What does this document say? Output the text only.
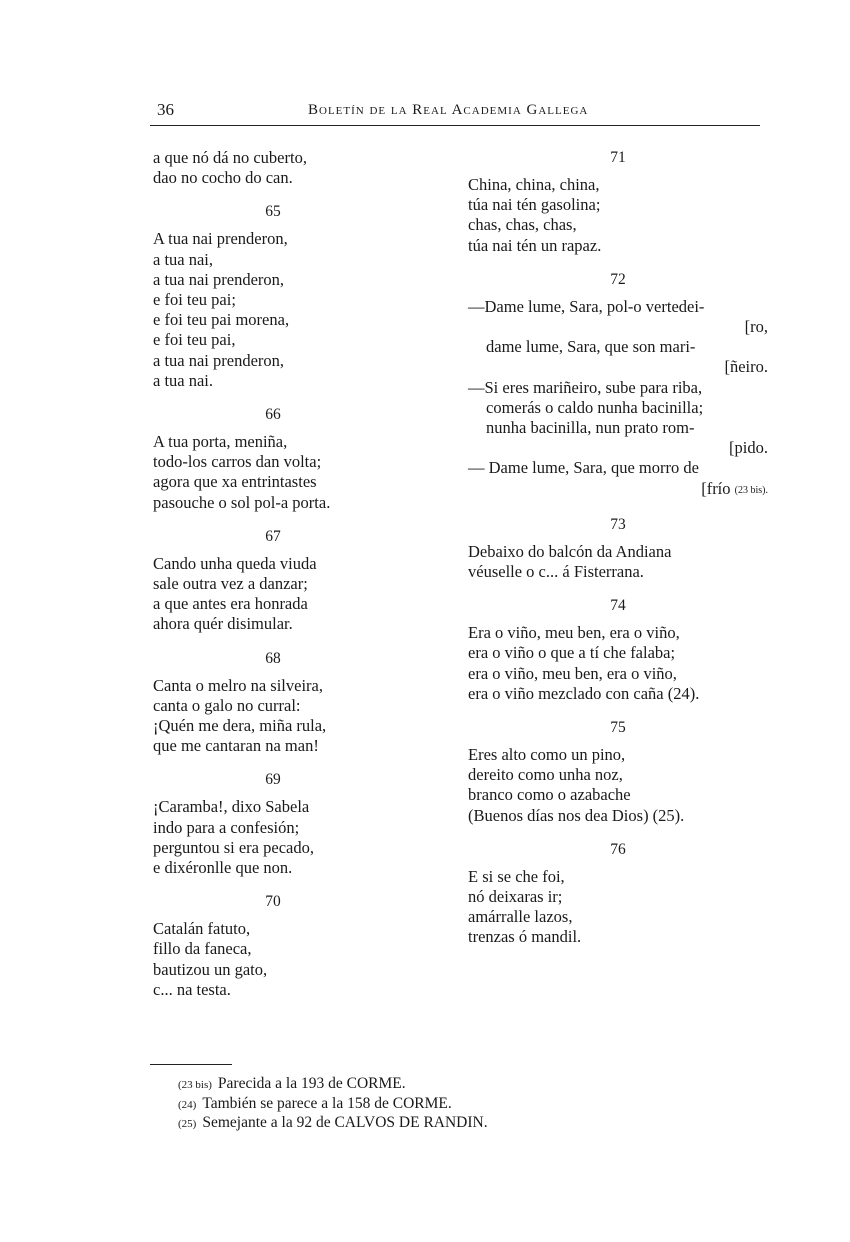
36	Boletín de la Real Academia Gallega
a que nó dá no cuberto,
dao no cocho do can.
65
A tua nai prenderon,
a tua nai,
a tua nai prenderon,
e foi teu pai;
e foi teu pai morena,
e foi teu pai,
a tua nai prenderon,
a tua nai.
66
A tua porta, meniña,
todo-los carros dan volta;
agora que xa entrintastes
pasouche o sol pol-a porta.
67
Cando unha queda viuda
sale outra vez a danzar;
a que antes era honrada
ahora quér disimular.
68
Canta o melro na silveira,
canta o galo no curral:
¡Quén me dera, miña rula,
que me cantaran na man!
69
¡Caramba!, dixo Sabela
indo para a confesión;
perguntou si era pecado,
e dixéronlle que non.
70
Catalán fatuto,
fillo da faneca,
bautizou un gato,
c... na testa.
71
China, china, china,
túa nai tén gasolina;
chas, chas, chas,
túa nai tén un rapaz.
72
—Dame lume, Sara, pol-o vertedei-
[ro,
dame lume, Sara, que son mari-
[ñeiro.
—Si eres mariñeiro, sube para riba,
comerás o caldo nunha bacinilla;
nunha bacinilla, nun prato rom-
[pido.
— Dame lume, Sara, que morro de
[frío (23 bis).
73
Debaixo do balcón da Andiana
véuselle o c... á Fisterrana.
74
Era o viño, meu ben, era o viño,
era o viño o que a tí che falaba;
era o viño, meu ben, era o viño,
era o viño mezclado con caña (24).
75
Eres alto como un pino,
dereito como unha noz,
branco como o azabache
(Buenos días nos dea Dios) (25).
76
E si se che foi,
nó deixaras ir;
amárralle lazos,
trenzas ó mandil.
(23 bis) Parecida a la 193 de CORME.
(24) También se parece a la 158 de CORME.
(25) Semejante a la 92 de CALVOS DE RANDIN.
